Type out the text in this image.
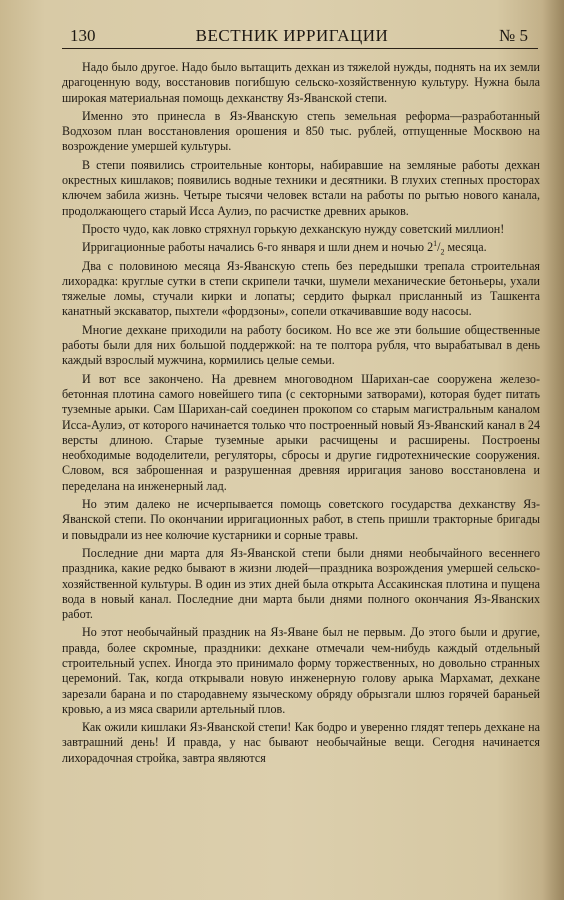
130	ВЕСТНИК ИРРИГАЦИИ	№ 5

Надо было другое. Надо было вытащить дехкан из тяжелой нужды, поднять на их земли драгоценную воду, восстановив погибшую сельско-хозяйственную культуру. Нужна была широкая материальная помощь дехканству Яз-Яванской степи.

Именно это принесла в Яз-Яванскую степь земельная реформа—разработанный Водхозом план восстановления орошения и 850 тыс. рублей, отпущенные Москвою на возрождение умершей культуры.

В степи появились строительные конторы, набиравшие на земляные работы дехкан окрестных кишлаков; появились водные техники и десятники. В глухих степных просторах ключем забила жизнь. Четыре тысячи человек встали на работы по рытью нового канала, продолжающего старый Исса Аулиэ, по расчистке древних арыков.

Просто чудо, как ловко стряхнул горькую дехканскую нужду советский миллион!

Ирригационные работы начались 6-го января и шли днем и ночью $2^1/_2$ месяца.

Два с половиною месяца Яз-Яванскую степь без передышки трепала строительная лихорадка: круглые сутки в степи скрипели тачки, шумели механические бетоньеры, ухали тяжелые ломы, стучали кирки и лопаты; сердито фыркал присланный из Ташкента канатный экскаватор, пыхтели «фордзоны», сопели откачивавшие воду насосы.

Многие дехкане приходили на работу босиком. Но все же эти большие общественные работы были для них большой поддержкой: на те полтора рубля, что вырабатывал в день каждый взрослый мужчина, кормились целые семьи.

И вот все закончено. На древнем многоводном Шарихан-сае сооружена железо-бетонная плотина самого новейшего типа (с секторными затворами), которая будет питать туземные арыки. Сам Шарихан-сай соединен прокопом со старым магистральным каналом Исса-Аулиэ, от которого начинается только что построенный новый Яз-Яванский канал в 24 версты длиною. Старые туземные арыки расчищены и расширены. Построены необходимые вододелители, регуляторы, сбросы и другие гидротехнические сооружения. Словом, вся заброшенная и разрушенная древняя ирригация заново восстановлена и переделана на инженерный лад.

Но этим далеко не исчерпывается помощь советского государства дехканству Яз-Яванской степи. По окончании ирригационных работ, в степь пришли тракторные бригады и повыдрали из нее колючие кустарники и сорные травы.

Последние дни марта для Яз-Яванской степи были днями необычайного весеннего праздника, какие редко бывают в жизни людей—праздника возрождения умершей сельско-хозяйственной культуры. В один из этих дней была открыта Ассакинская плотина и пущена вода в новый канал. Последние дни марта были днями полного окончания Яз-Яванских работ.

Но этот необычайный праздник на Яз-Яване был не первым. До этого были и другие, правда, более скромные, праздники: дехкане отмечали чем-нибудь каждый отдельный строительный успех. Иногда это принимало форму торжественных, но довольно странных церемоний. Так, когда открывали новую инженерную голову арыка Мархамат, дехкане зарезали барана и по стародавнему языческому обряду обрызгали шлюз горячей бараньей кровью, а из мяса сварили артельный плов.

Как ожили кишлаки Яз-Яванской степи! Как бодро и уверенно глядят теперь дехкане на завтрашний день! И правда, у нас бывают необычайные вещи. Сегодня начинается лихорадочная стройка, завтра являются
